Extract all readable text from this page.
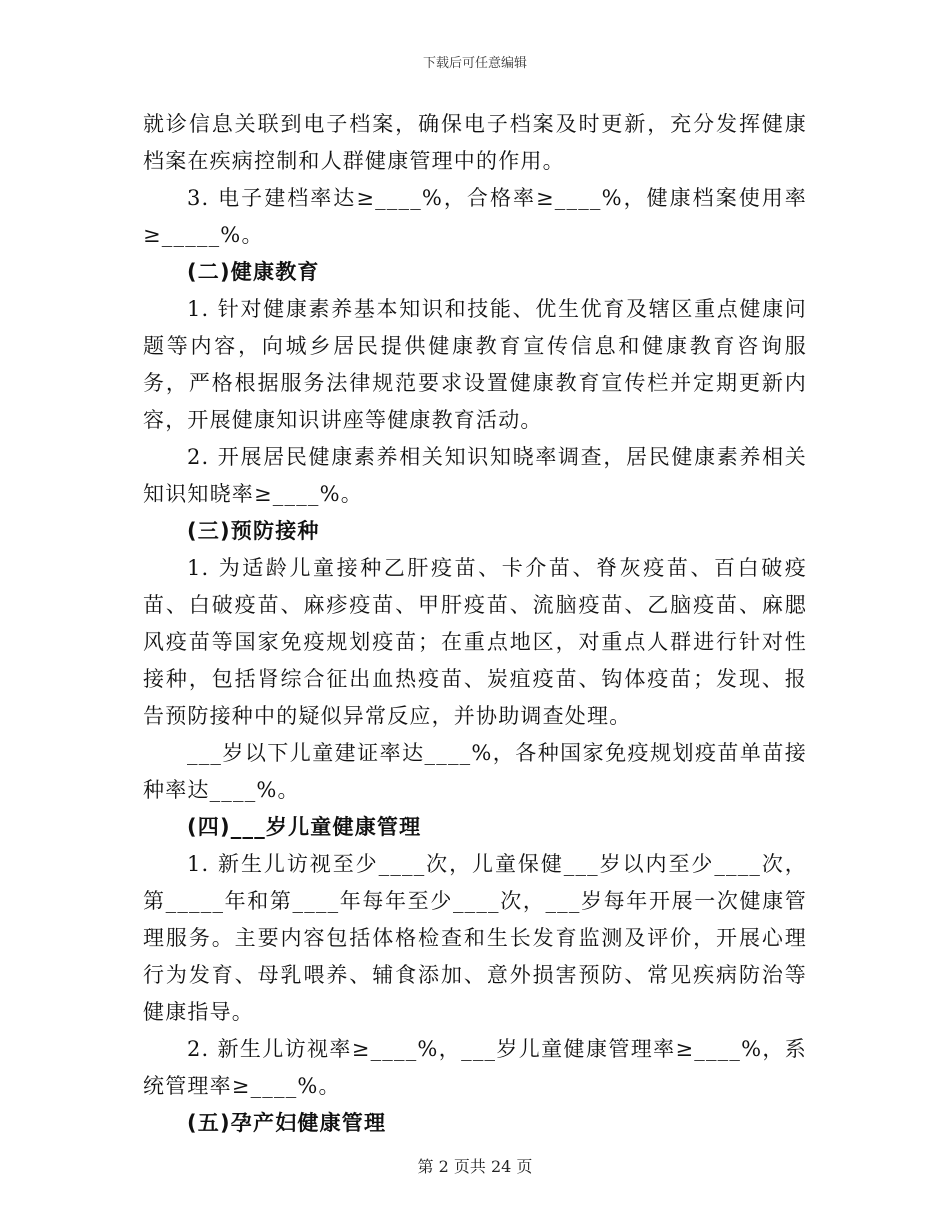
下载后可任意编辑

就诊信息关联到电子档案，确保电子档案及时更新，充分发挥健康档案在疾病控制和人群健康管理中的作用。

3. 电子建档率达≥____%，合格率≥____%，健康档案使用率≥_____%。

(二)健康教育

1. 针对健康素养基本知识和技能、优生优育及辖区重点健康问题等内容，向城乡居民提供健康教育宣传信息和健康教育咨询服务，严格根据服务法律规范要求设置健康教育宣传栏并定期更新内容，开展健康知识讲座等健康教育活动。

2. 开展居民健康素养相关知识知晓率调查，居民健康素养相关知识知晓率≥____%。

(三)预防接种

1. 为适龄儿童接种乙肝疫苗、卡介苗、脊灰疫苗、百白破疫苗、白破疫苗、麻疹疫苗、甲肝疫苗、流脑疫苗、乙脑疫苗、麻腮风疫苗等国家免疫规划疫苗；在重点地区，对重点人群进行针对性接种，包括肾综合征出血热疫苗、炭疽疫苗、钩体疫苗；发现、报告预防接种中的疑似异常反应，并协助调查处理。

___岁以下儿童建证率达____%，各种国家免疫规划疫苗单苗接种率达____%。

(四)___岁儿童健康管理

1. 新生儿访视至少____次，儿童保健___岁以内至少____次，第_____年和第____年每年至少____次，___岁每年开展一次健康管理服务。主要内容包括体格检查和生长发育监测及评价，开展心理行为发育、母乳喂养、辅食添加、意外损害预防、常见疾病防治等健康指导。

2. 新生儿访视率≥____%，___岁儿童健康管理率≥____%，系统管理率≥____%。

(五)孕产妇健康管理

第 2 页共 24 页
